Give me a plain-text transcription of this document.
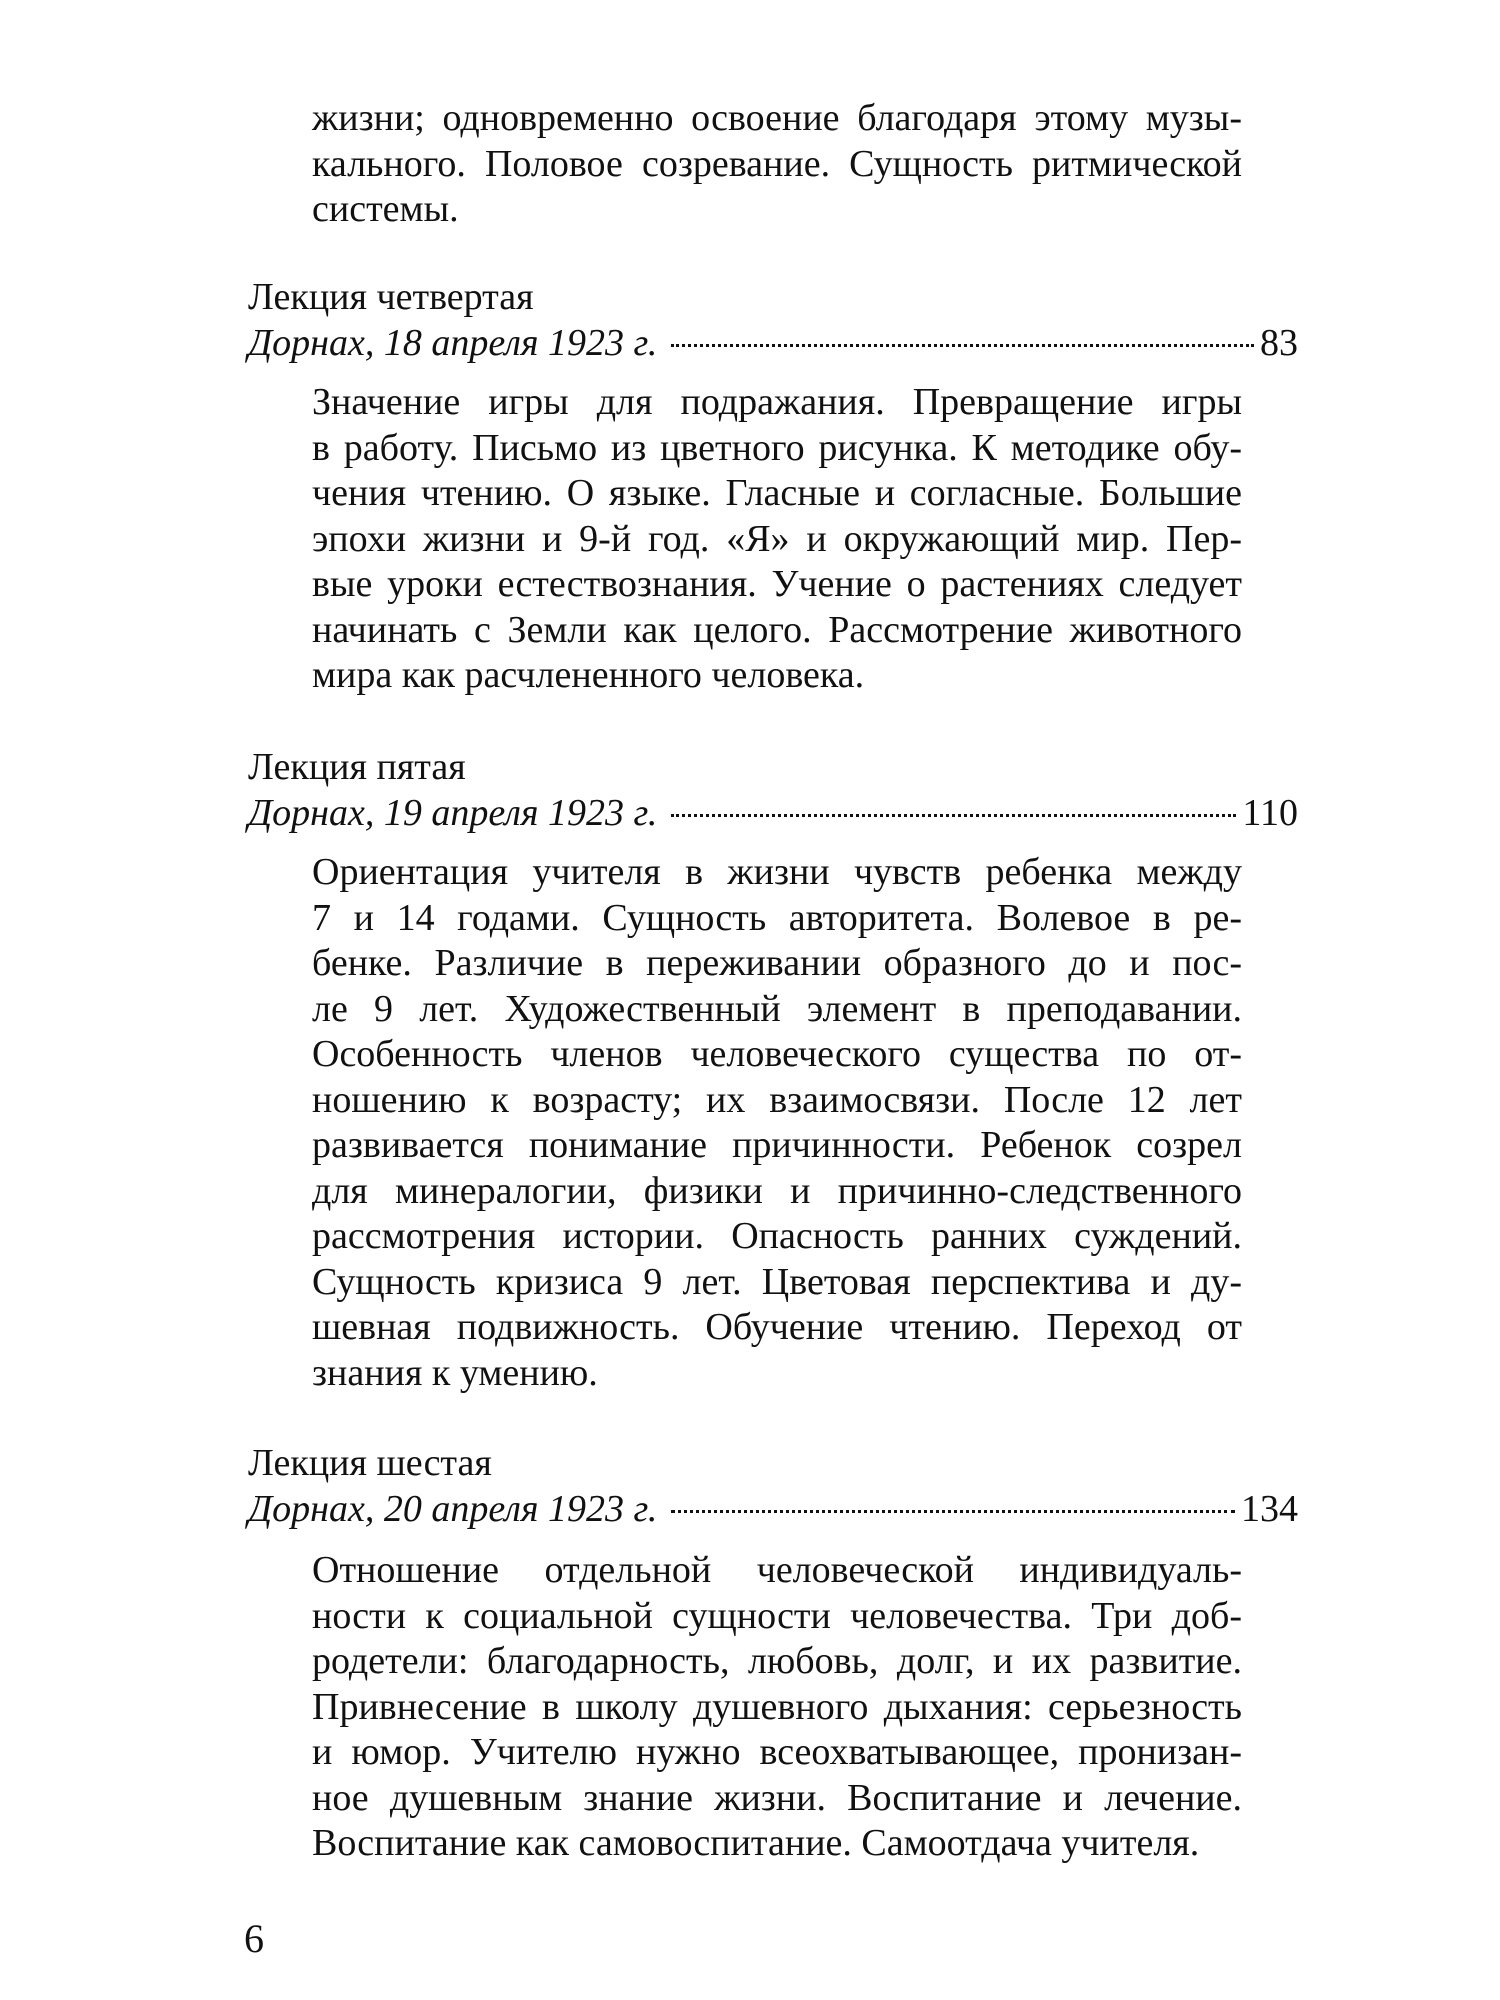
жизни; одновременно освоение благодаря этому музы-
кального. Половое созревание. Сущность ритмической
системы.

Лекция четвертая
Дорнах, 18 апреля 1923 г.	83

Значение игры для подражания. Превращение игры
в работу. Письмо из цветного рисунка. К методике обу-
чения чтению. О языке. Гласные и согласные. Большие
эпохи жизни и 9-й год. «Я» и окружающий мир. Пер-
вые уроки естествознания. Учение о растениях следует
начинать с Земли как целого. Рассмотрение животного
мира как расчлененного человека.

Лекция пятая
Дорнах, 19 апреля 1923 г.	110

Ориентация учителя в жизни чувств ребенка между
7 и 14 годами. Сущность авторитета. Волевое в ре-
бенке. Различие в переживании образного до и пос-
ле 9 лет. Художественный элемент в преподавании.
Особенность членов человеческого существа по от-
ношению к возрасту; их взаимосвязи. После 12 лет
развивается понимание причинности. Ребенок созрел
для минералогии, физики и причинно-следственного
рассмотрения истории. Опасность ранних суждений.
Сущность кризиса 9 лет. Цветовая перспектива и ду-
шевная подвижность. Обучение чтению. Переход от
знания к умению.

Лекция шестая
Дорнах, 20 апреля 1923 г.	134

Отношение отдельной человеческой индивидуаль-
ности к социальной сущности человечества. Три доб-
родетели: благодарность, любовь, долг, и их развитие.
Привнесение в школу душевного дыхания: серьезность
и юмор. Учителю нужно всеохватывающее, пронизан-
ное душевным знание жизни. Воспитание и лечение.
Воспитание как самовоспитание. Самоотдача учителя.

6
